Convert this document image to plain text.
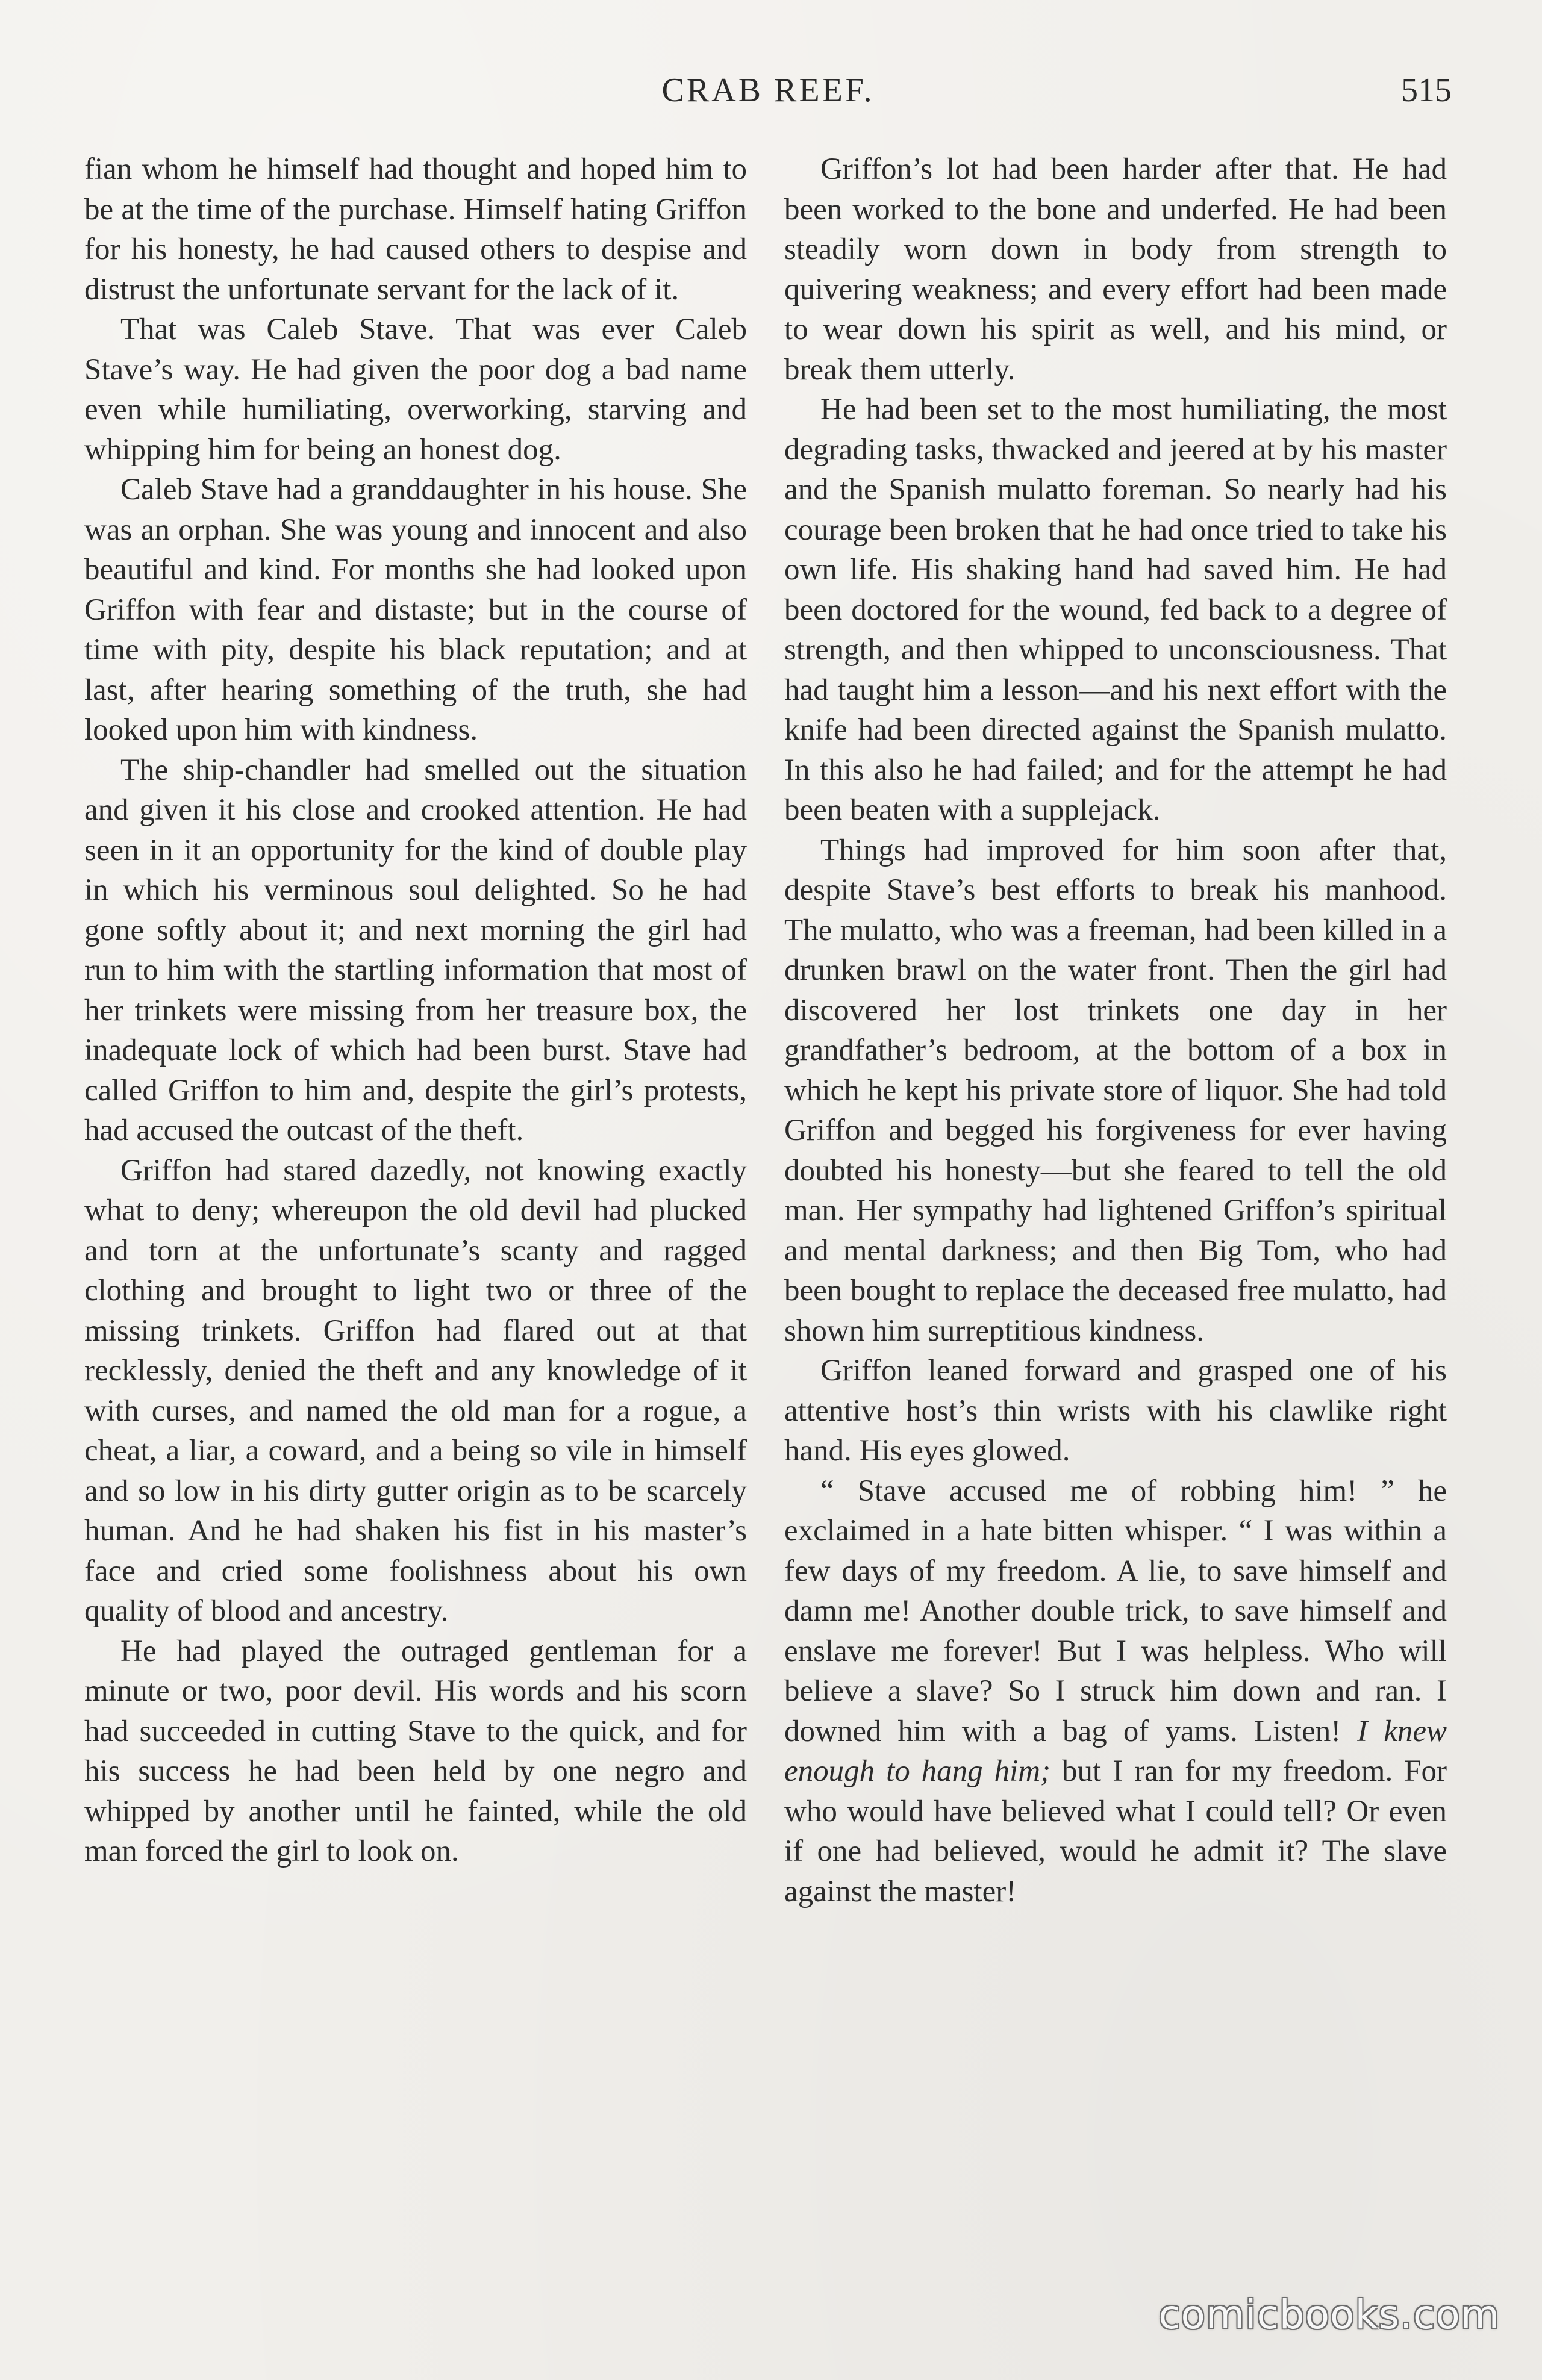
CRAB REEF.	515

fian whom he himself had thought and hoped him to be at the time of the purchase. Himself hating Griffon for his honesty, he had caused others to despise and distrust the unfortunate servant for the lack of it.

That was Caleb Stave. That was ever Caleb Stave’s way. He had given the poor dog a bad name even while humiliating, overworking, starving and whipping him for being an honest dog.

Caleb Stave had a granddaughter in his house. She was an orphan. She was young and innocent and also beautiful and kind. For months she had looked upon Griffon with fear and distaste; but in the course of time with pity, despite his black reputation; and at last, after hearing something of the truth, she had looked upon him with kindness.

The ship-chandler had smelled out the situation and given it his close and crooked attention. He had seen in it an opportunity for the kind of double play in which his verminous soul delighted. So he had gone softly about it; and next morning the girl had run to him with the startling information that most of her trinkets were missing from her treasure box, the inadequate lock of which had been burst. Stave had called Griffon to him and, despite the girl’s protests, had accused the outcast of the theft.

Griffon had stared dazedly, not knowing exactly what to deny; whereupon the old devil had plucked and torn at the unfortunate’s scanty and ragged clothing and brought to light two or three of the missing trinkets. Griffon had flared out at that recklessly, denied the theft and any knowledge of it with curses, and named the old man for a rogue, a cheat, a liar, a coward, and a being so vile in himself and so low in his dirty gutter origin as to be scarcely human. And he had shaken his fist in his master’s face and cried some foolishness about his own quality of blood and ancestry.

He had played the outraged gentleman for a minute or two, poor devil. His words and his scorn had succeeded in cutting Stave to the quick, and for his success he had been held by one negro and whipped by another until he fainted, while the old man forced the girl to look on.

Griffon’s lot had been harder after that. He had been worked to the bone and underfed. He had been steadily worn down in body from strength to quivering weakness; and every effort had been made to wear down his spirit as well, and his mind, or break them utterly.

He had been set to the most humiliating, the most degrading tasks, thwacked and jeered at by his master and the Spanish mulatto foreman. So nearly had his courage been broken that he had once tried to take his own life. His shaking hand had saved him. He had been doctored for the wound, fed back to a degree of strength, and then whipped to unconsciousness. That had taught him a lesson—and his next effort with the knife had been directed against the Spanish mulatto. In this also he had failed; and for the attempt he had been beaten with a supplejack.

Things had improved for him soon after that, despite Stave’s best efforts to break his manhood. The mulatto, who was a freeman, had been killed in a drunken brawl on the water front. Then the girl had discovered her lost trinkets one day in her grandfather’s bedroom, at the bottom of a box in which he kept his private store of liquor. She had told Griffon and begged his forgiveness for ever having doubted his honesty—but she feared to tell the old man. Her sympathy had lightened Griffon’s spiritual and mental darkness; and then Big Tom, who had been bought to replace the deceased free mulatto, had shown him surreptitious kindness.

Griffon leaned forward and grasped one of his attentive host’s thin wrists with his clawlike right hand. His eyes glowed.

“ Stave accused me of robbing him! ” he exclaimed in a hate bitten whisper. “ I was within a few days of my freedom. A lie, to save himself and damn me! Another double trick, to save himself and enslave me forever! But I was helpless. Who will believe a slave? So I struck him down and ran. I downed him with a bag of yams. Listen! I knew enough to hang him; but I ran for my freedom. For who would have believed what I could tell? Or even if one had believed, would he admit it? The slave against the master!

comicbooks.com
